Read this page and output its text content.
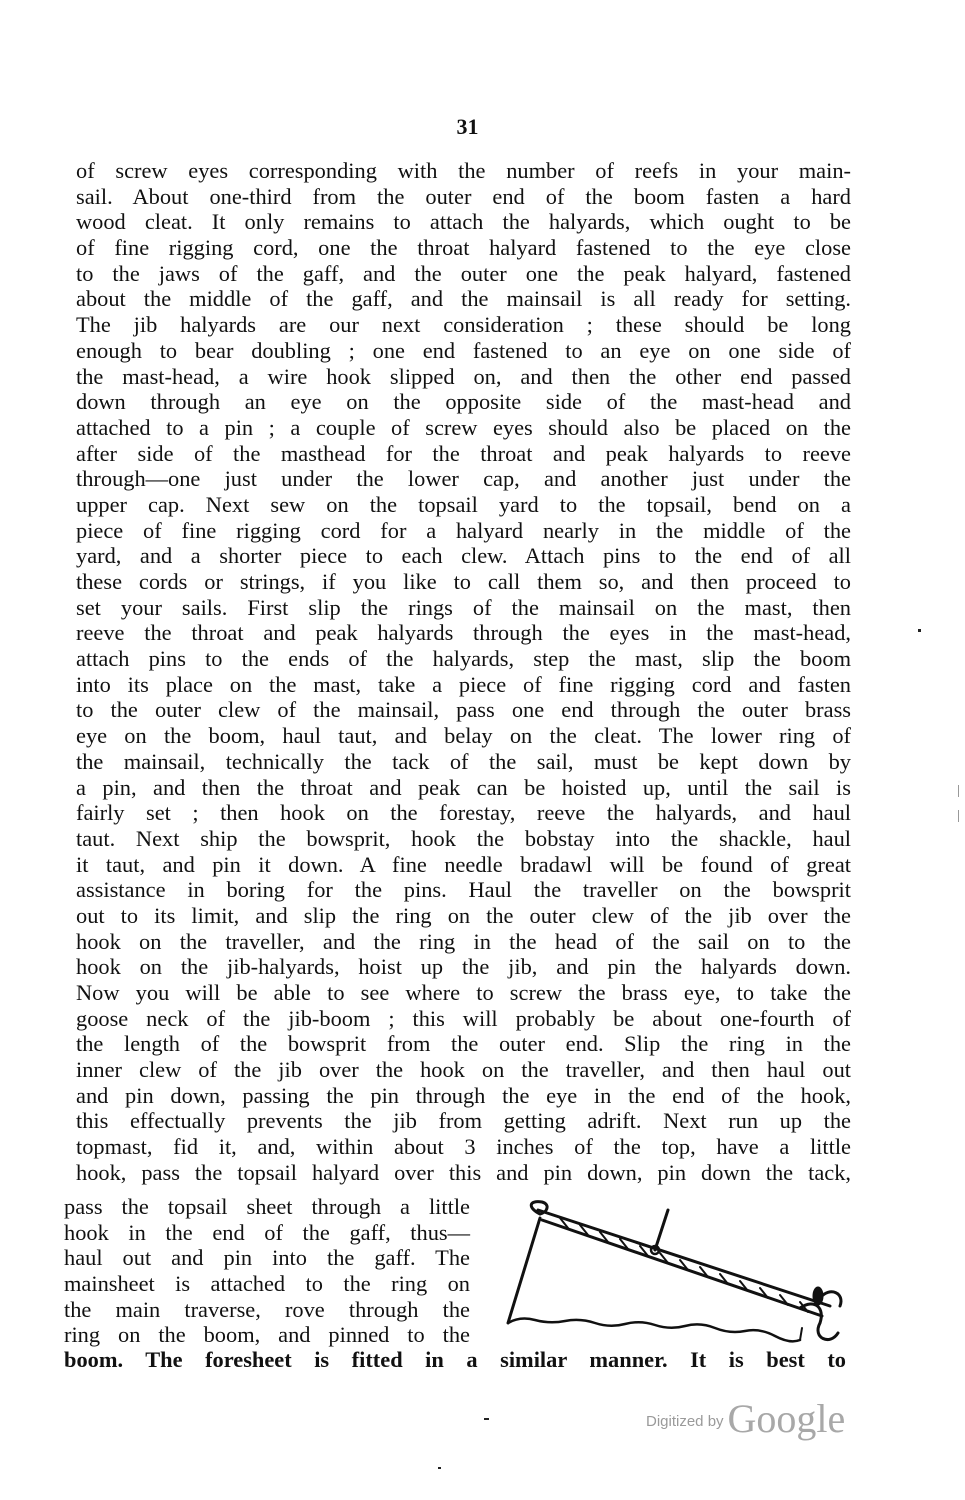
31
of screw eyes corresponding with the number of reefs in your main-
sail. About one-third from the outer end of the boom fasten a hard
wood cleat. It only remains to attach the halyards, which ought to be
of fine rigging cord, one the throat halyard fastened to the eye close
to the jaws of the gaff, and the outer one the peak halyard, fastened
about the middle of the gaff, and the mainsail is all ready for setting.
The jib halyards are our next consideration ; these should be long
enough to bear doubling ; one end fastened to an eye on one side of
the mast-head, a wire hook slipped on, and then the other end passed
down through an eye on the opposite side of the mast-head and
attached to a pin ; a couple of screw eyes should also be placed on the
after side of the masthead for the throat and peak halyards to reeve
through—one just under the lower cap, and another just under the
upper cap. Next sew on the topsail yard to the topsail, bend on a
piece of fine rigging cord for a halyard nearly in the middle of the
yard, and a shorter piece to each clew. Attach pins to the end of all
these cords or strings, if you like to call them so, and then proceed to
set your sails. First slip the rings of the mainsail on the mast, then
reeve the throat and peak halyards through the eyes in the mast-head,
attach pins to the ends of the halyards, step the mast, slip the boom
into its place on the mast, take a piece of fine rigging cord and fasten
to the outer clew of the mainsail, pass one end through the outer brass
eye on the boom, haul taut, and belay on the cleat. The lower ring of
the mainsail, technically the tack of the sail, must be kept down by
a pin, and then the throat and peak can be hoisted up, until the sail is
fairly set ; then hook on the forestay, reeve the halyards, and haul
taut. Next ship the bowsprit, hook the bobstay into the shackle, haul
it taut, and pin it down. A fine needle bradawl will be found of great
assistance in boring for the pins. Haul the traveller on the bowsprit
out to its limit, and slip the ring on the outer clew of the jib over the
hook on the traveller, and the ring in the head of the sail on to the
hook on the jib-halyards, hoist up the jib, and pin the halyards down.
Now you will be able to see where to screw the brass eye, to take the
goose neck of the jib-boom ; this will probably be about one-fourth of
the length of the bowsprit from the outer end. Slip the ring in the
inner clew of the jib over the hook on the traveller, and then haul out
and pin down, passing the pin through the eye in the end of the hook,
this effectually prevents the jib from getting adrift. Next run up the
topmast, fid it, and, within about 3 inches of the top, have a little
hook, pass the topsail halyard over this and pin down, pin down the tack,
pass the topsail sheet through a little
hook in the end of the gaff, thus—
haul out and pin into the gaff. The
mainsheet is attached to the ring on
the main traverse, rove through the
ring on the boom, and pinned to the
boom. The foresheet is fitted in a similar manner. It is best to
Digitized by Google
